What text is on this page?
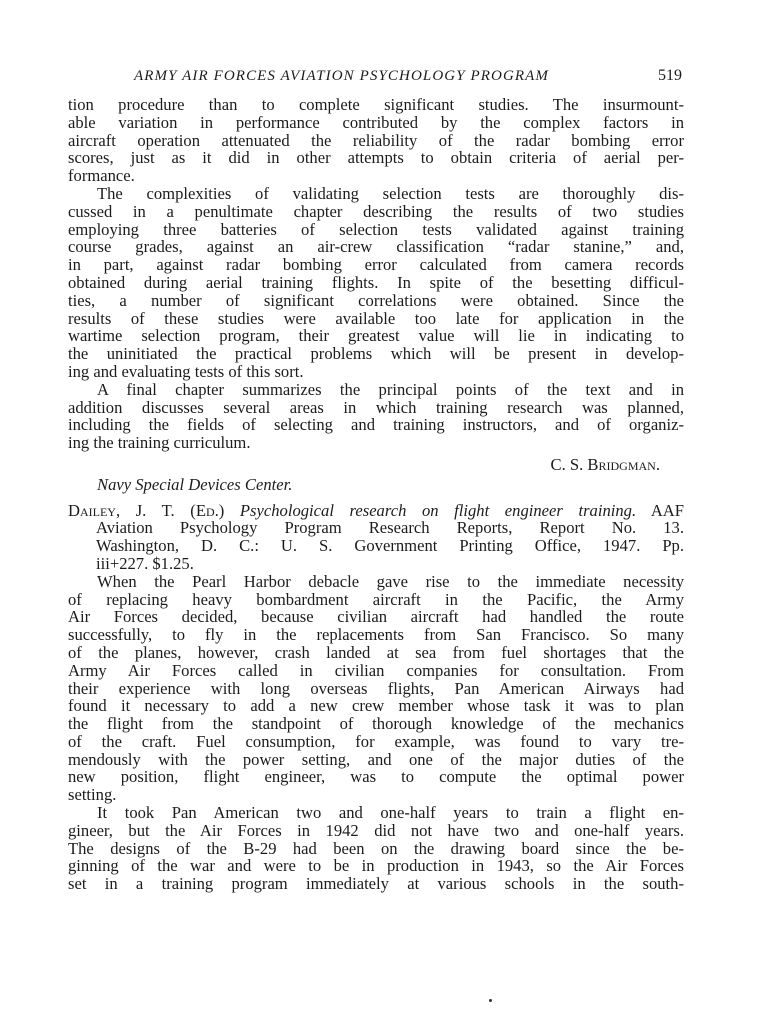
ARMY AIR FORCES AVIATION PSYCHOLOGY PROGRAM	519
tion procedure than to complete significant studies. The insurmount-
able variation in performance contributed by the complex factors in
aircraft operation attenuated the reliability of the radar bombing error
scores, just as it did in other attempts to obtain criteria of aerial per-
formance.
The complexities of validating selection tests are thoroughly dis-
cussed in a penultimate chapter describing the results of two studies
employing three batteries of selection tests validated against training
course grades, against an air-crew classification “radar stanine,” and,
in part, against radar bombing error calculated from camera records
obtained during aerial training flights. In spite of the besetting difficul-
ties, a number of significant correlations were obtained. Since the
results of these studies were available too late for application in the
wartime selection program, their greatest value will lie in indicating to
the uninitiated the practical problems which will be present in develop-
ing and evaluating tests of this sort.
A final chapter summarizes the principal points of the text and in
addition discusses several areas in which training research was planned,
including the fields of selecting and training instructors, and of organiz-
ing the training curriculum.
C. S. Bridgman.
Navy Special Devices Center.
Dailey, J. T. (Ed.) Psychological research on flight engineer training. AAF
Aviation Psychology Program Research Reports, Report No. 13.
Washington, D. C.: U. S. Government Printing Office, 1947. Pp.
iii+227. $1.25.
When the Pearl Harbor debacle gave rise to the immediate necessity
of replacing heavy bombardment aircraft in the Pacific, the Army
Air Forces decided, because civilian aircraft had handled the route
successfully, to fly in the replacements from San Francisco. So many
of the planes, however, crash landed at sea from fuel shortages that the
Army Air Forces called in civilian companies for consultation. From
their experience with long overseas flights, Pan American Airways had
found it necessary to add a new crew member whose task it was to plan
the flight from the standpoint of thorough knowledge of the mechanics
of the craft. Fuel consumption, for example, was found to vary tre-
mendously with the power setting, and one of the major duties of the
new position, flight engineer, was to compute the optimal power
setting.
It took Pan American two and one-half years to train a flight en-
gineer, but the Air Forces in 1942 did not have two and one-half years.
The designs of the B-29 had been on the drawing board since the be-
ginning of the war and were to be in production in 1943, so the Air Forces
set in a training program immediately at various schools in the south-
